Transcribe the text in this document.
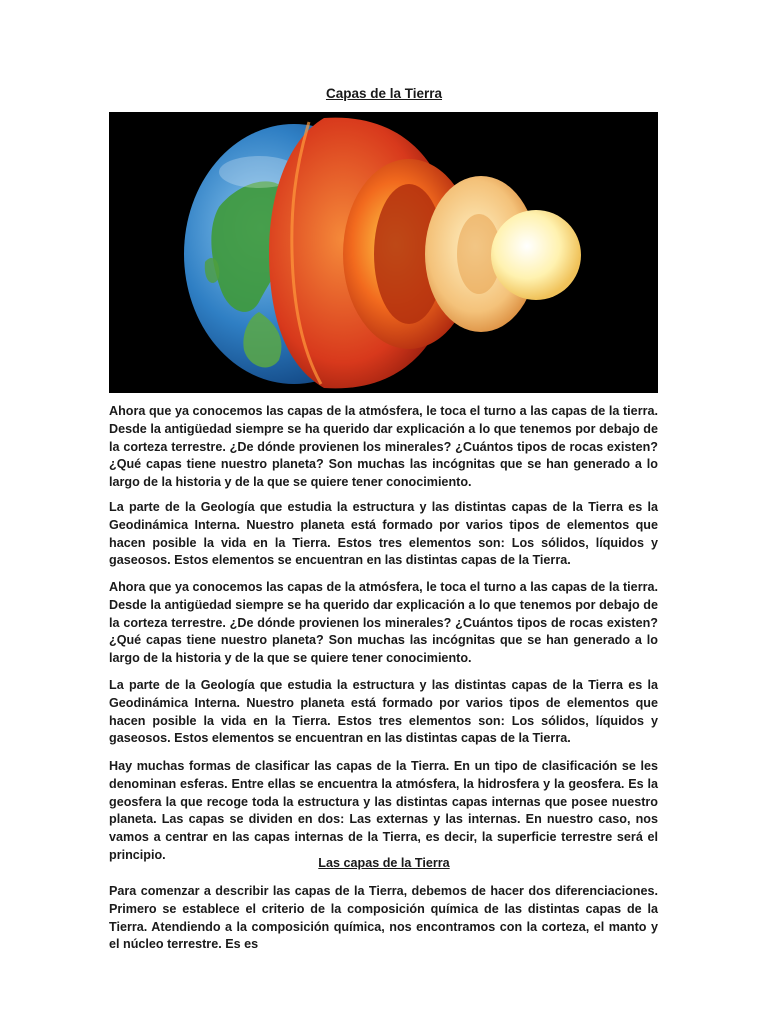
Capas de la Tierra

Ahora que ya conocemos las capas de la atmósfera, le toca el turno a las capas de la tierra. Desde la antigüedad siempre se ha querido dar explicación a lo que tenemos por debajo de la corteza terrestre. ¿De dónde provienen los minerales? ¿Cuántos tipos de rocas existen? ¿Qué capas tiene nuestro planeta? Son muchas las incógnitas que se han generado a lo largo de la historia y de la que se quiere tener conocimiento.

La parte de la Geología que estudia la estructura y las distintas capas de la Tierra es la Geodinámica Interna. Nuestro planeta está formado por varios tipos de elementos que hacen posible la vida en la Tierra. Estos tres elementos son: Los sólidos, líquidos y gaseosos. Estos elementos se encuentran en las distintas capas de la Tierra.

Ahora que ya conocemos las capas de la atmósfera, le toca el turno a las capas de la tierra. Desde la antigüedad siempre se ha querido dar explicación a lo que tenemos por debajo de la corteza terrestre. ¿De dónde provienen los minerales? ¿Cuántos tipos de rocas existen? ¿Qué capas tiene nuestro planeta? Son muchas las incógnitas que se han generado a lo largo de la historia y de la que se quiere tener conocimiento.

La parte de la Geología que estudia la estructura y las distintas capas de la Tierra es la Geodinámica Interna. Nuestro planeta está formado por varios tipos de elementos que hacen posible la vida en la Tierra. Estos tres elementos son: Los sólidos, líquidos y gaseosos. Estos elementos se encuentran en las distintas capas de la Tierra.

Hay muchas formas de clasificar las capas de la Tierra. En un tipo de clasificación se les denominan esferas. Entre ellas se encuentra la atmósfera, la hidrosfera y la geosfera. Es la geosfera la que recoge toda la estructura y las distintas capas internas que posee nuestro planeta. Las capas se dividen en dos: Las externas y las internas. En nuestro caso, nos vamos a centrar en las capas internas de la Tierra, es decir, la superficie terrestre será el principio.

Las capas de la Tierra

Para comenzar a describir las capas de la Tierra, debemos de hacer dos diferenciaciones. Primero se establece el criterio de la composición química de las distintas capas de la Tierra. Atendiendo a la composición química, nos encontramos con la corteza, el manto y el núcleo terrestre. Es es
